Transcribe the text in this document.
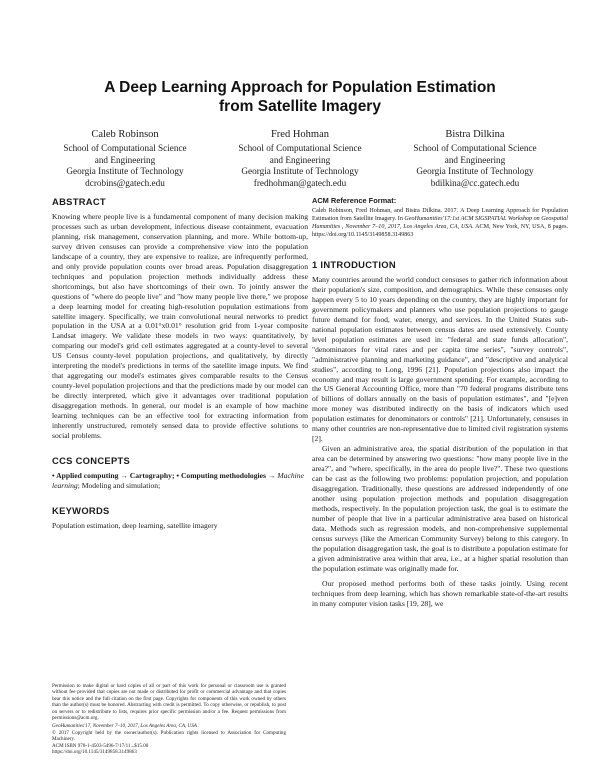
A Deep Learning Approach for Population Estimation
from Satellite Imagery
Caleb Robinson
School of Computational Science
and Engineering
Georgia Institute of Technology
dcrobins@gatech.edu
Fred Hohman
School of Computational Science
and Engineering
Georgia Institute of Technology
fredhohman@gatech.edu
Bistra Dilkina
School of Computational Science
and Engineering
Georgia Institute of Technology
bdilkina@cc.gatech.edu
ABSTRACT

Knowing where people live is a fundamental component of many decision making processes such as urban development, infectious disease containment, evacuation planning, risk management, conservation planning, and more. While bottom-up, survey driven censuses can provide a comprehensive view into the population landscape of a country, they are expensive to realize, are infrequently performed, and only provide population counts over broad areas. Population disaggregation techniques and population projection methods individually address these shortcomings, but also have shortcomings of their own. To jointly answer the questions of "where do people live" and "how many people live there," we propose a deep learning model for creating high-resolution population estimations from satellite imagery. Specifically, we train convolutional neural networks to predict population in the USA at a 0.01°x0.01° resolution grid from 1-year composite Landsat imagery. We validate these models in two ways: quantitatively, by comparing our model's grid cell estimates aggregated at a county-level to several US Census county-level population projections, and qualitatively, by directly interpreting the model's predictions in terms of the satellite image inputs. We find that aggregating our model's estimates gives comparable results to the Census county-level population projections and that the predictions made by our model can be directly interpreted, which give it advantages over traditional population disaggregation methods. In general, our model is an example of how machine learning techniques can be an effective tool for extracting information from inherently unstructured, remotely sensed data to provide effective solutions to social problems.

CCS CONCEPTS

• Applied computing → Cartography; • Computing methodologies → Machine learning; Modeling and simulation;

KEYWORDS

Population estimation, deep learning, satellite imagery

Permission to make digital or hard copies of all or part of this work for personal or classroom use is granted without fee provided that copies are not made or distributed for profit or commercial advantage and that copies bear this notice and the full citation on the first page. Copyrights for components of this work owned by others than the author(s) must be honored. Abstracting with credit is permitted. To copy otherwise, or republish, to post on servers or to redistribute to lists, requires prior specific permission and/or a fee. Request permissions from permissions@acm.org.

GeoHumanities'17, November 7–10, 2017, Los Angeles Area, CA, USA

© 2017 Copyright held by the owner/author(s). Publication rights licensed to Association for Computing Machinery.

ACM ISBN 978-1-4503-5496-7/17/11...$15.00

https://doi.org/10.1145/3149858.3149863

ACM Reference Format:

Caleb Robinson, Fred Hohman, and Bistra Dilkina. 2017. A Deep Learning Approach for Population Estimation from Satellite Imagery. In GeoHumanities'17:1st ACM SIGSPATIAL Workshop on Geospatial Humanities , November 7–10, 2017, Los Angeles Area, CA, USA. ACM, New York, NY, USA, 8 pages. https://doi.org/10.1145/3149858.3149863

1 INTRODUCTION

Many countries around the world conduct censuses to gather rich information about their population's size, composition, and demographics. While these censuses only happen every 5 to 10 years depending on the country, they are highly important for government policymakers and planners who use population projections to gauge future demand for food, water, energy, and services. In the United States sub-national population estimates between census dates are used extensively. County level population estimates are used in: "federal and state funds allocation", "denominators for vital rates and per capita time series", "survey controls", "administrative planning and marketing guidance", and "descriptive and analytical studies", according to Long, 1996 [21]. Population projections also impact the economy and may result is large government spending. For example, according to the US General Accounting Office, more than "70 federal programs distribute tens of billions of dollars annually on the basis of population estimates", and "[e]ven more money was distributed indirectly on the basis of indicators which used population estimates for denominators or controls" [21]. Unfortunately, censuses in many other countries are non-representative due to limited civil registration systems [2].

Given an administrative area, the spatial distribution of the population in that area can be determined by answering two questions: "how many people live in the area?", and "where, specifically, in the area do people live?". These two questions can be cast as the following two problems: population projection, and population disaggregation. Traditionally, these questions are addressed independently of one another using population projection methods and population disaggregation methods, respectively. In the population projection task, the goal is to estimate the number of people that live in a particular administrative area based on historical data. Methods such as regression models, and non-comprehensive supplemental census surveys (like the American Community Survey) belong to this category. In the population disaggregation task, the goal is to distribute a population estimate for a given administrative area within that area, i.e., at a higher spatial resolution than the population estimate was originally made for.

Our proposed method performs both of these tasks jointly. Using recent techniques from deep learning, which has shown remarkable state-of-the-art results in many computer vision tasks [19, 28], we
